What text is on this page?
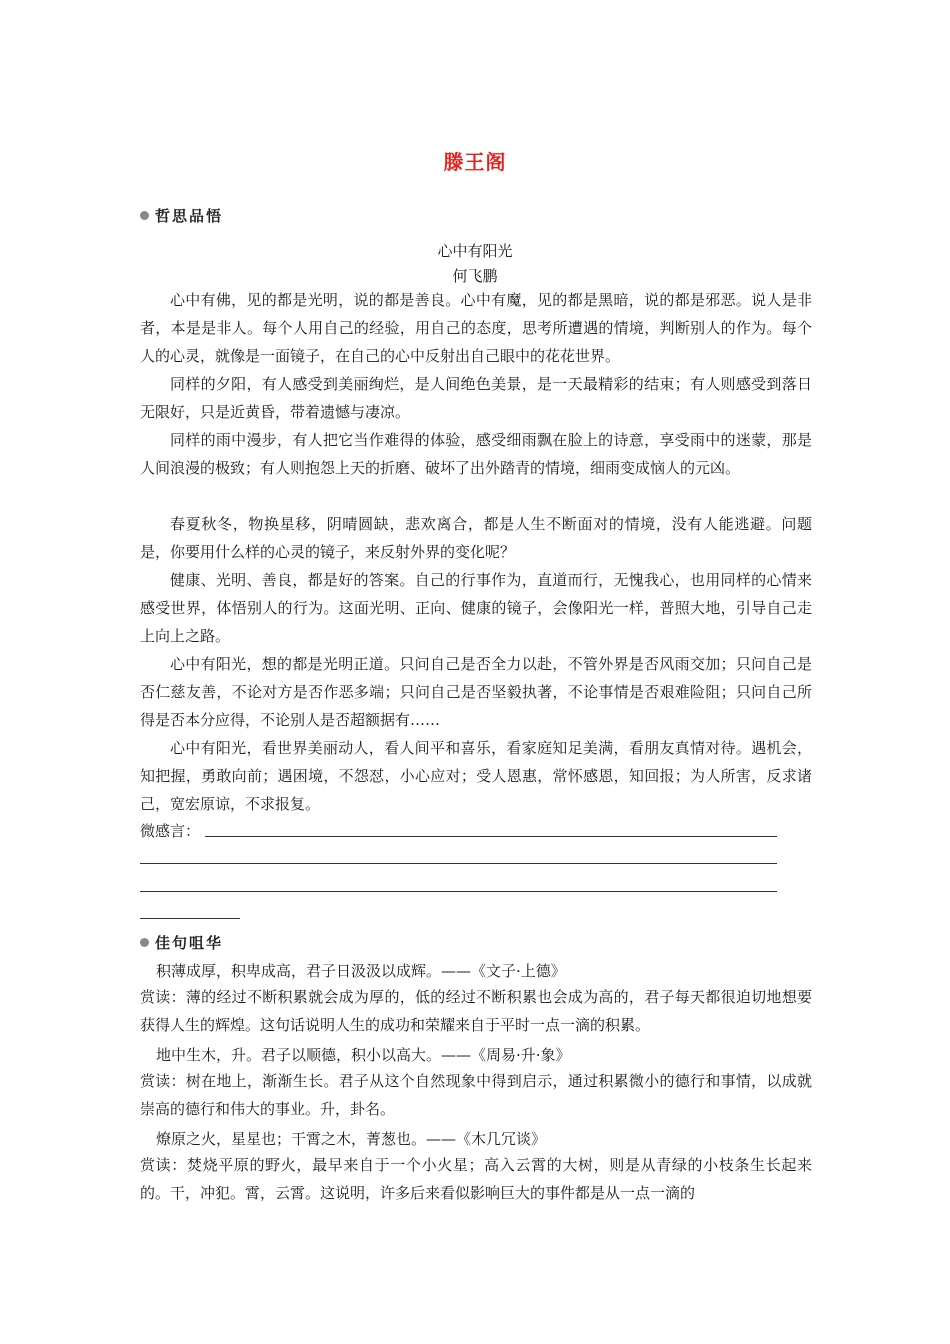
滕王阁
哲思品悟
心中有阳光
何飞鹏

心中有佛，见的都是光明，说的都是善良。心中有魔，见的都是黑暗，说的都是邪恶。说人是非者，本是是非人。每个人用自己的经验，用自己的态度，思考所遭遇的情境，判断别人的作为。每个人的心灵，就像是一面镜子，在自己的心中反射出自己眼中的花花世界。

同样的夕阳，有人感受到美丽绚烂，是人间绝色美景，是一天最精彩的结束；有人则感受到落日无限好，只是近黄昏，带着遗憾与凄凉。

同样的雨中漫步，有人把它当作难得的体验，感受细雨飘在脸上的诗意，享受雨中的迷蒙，那是人间浪漫的极致；有人则抱怨上天的折磨、破坏了出外踏青的情境，细雨变成恼人的元凶。

春夏秋冬，物换星移，阴晴圆缺，悲欢离合，都是人生不断面对的情境，没有人能逃避。问题是，你要用什么样的心灵的镜子，来反射外界的变化呢？

健康、光明、善良，都是好的答案。自己的行事作为，直道而行，无愧我心，也用同样的心情来感受世界，体悟别人的行为。这面光明、正向、健康的镜子，会像阳光一样，普照大地，引导自己走上向上之路。

心中有阳光，想的都是光明正道。只问自己是否全力以赴，不管外界是否风雨交加；只问自己是否仁慈友善，不论对方是否作恶多端；只问自己是否坚毅执著，不论事情是否艰难险阻；只问自己所得是否本分应得，不论别人是否超额据有……

心中有阳光，看世界美丽动人，看人间平和喜乐，看家庭知足美满，看朋友真情对待。遇机会，知把握，勇敢向前；遇困境，不怨怼，小心应对；受人恩惠，常怀感恩，知回报；为人所害，反求诸己，宽宏原谅，不求报复。

微感言：
佳句咀华
积薄成厚，积卑成高，君子日汲汲以成辉。——《文子·上德》

赏读：薄的经过不断积累就会成为厚的，低的经过不断积累也会成为高的，君子每天都很迫切地想要获得人生的辉煌。这句话说明人生的成功和荣耀来自于平时一点一滴的积累。

地中生木，升。君子以顺德，积小以高大。——《周易·升·象》

赏读：树在地上，渐渐生长。君子从这个自然现象中得到启示，通过积累微小的德行和事情，以成就崇高的德行和伟大的事业。升，卦名。

燎原之火，星星也；干霄之木，菁葱也。——《木几冗谈》

赏读：焚烧平原的野火，最早来自于一个小火星；高入云霄的大树，则是从青绿的小枝条生长起来的。干，冲犯。霄，云霄。这说明，许多后来看似影响巨大的事件都是从一点一滴的
